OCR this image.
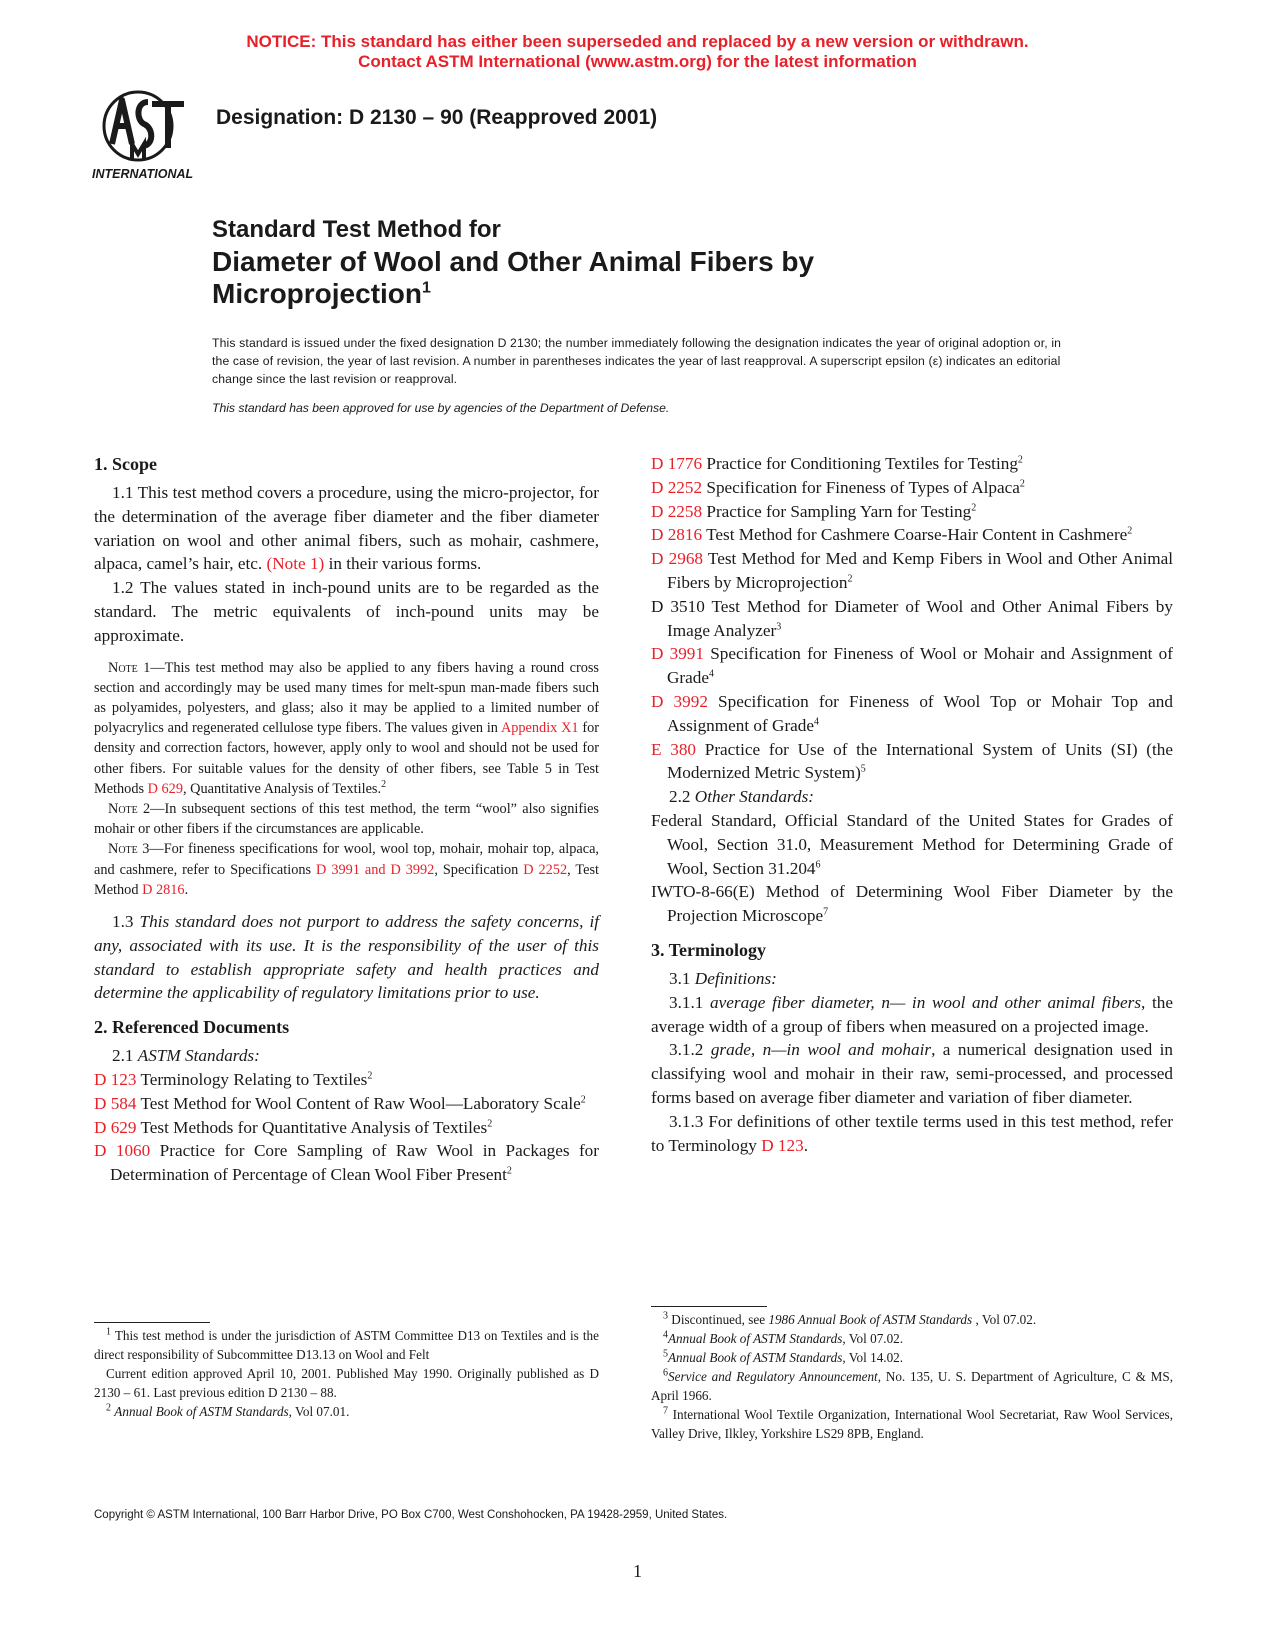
NOTICE: This standard has either been superseded and replaced by a new version or withdrawn.
Contact ASTM International (www.astm.org) for the latest information
INTERNATIONAL
Designation: D 2130 – 90 (Reapproved 2001)
Standard Test Method for
Diameter of Wool and Other Animal Fibers by
Microprojection$^1$
This standard is issued under the fixed designation D 2130; the number immediately following the designation indicates the year of original adoption or, in the case of revision, the year of last revision. A number in parentheses indicates the year of last reapproval. A superscript epsilon (ε) indicates an editorial change since the last revision or reapproval.
This standard has been approved for use by agencies of the Department of Defense.
1. Scope

1.1 This test method covers a procedure, using the micro-projector, for the determination of the average fiber diameter and the fiber diameter variation on wool and other animal fibers, such as mohair, cashmere, alpaca, camel’s hair, etc. (Note 1) in their various forms.

1.2 The values stated in inch-pound units are to be regarded as the standard. The metric equivalents of inch-pound units may be approximate.

Note 1—This test method may also be applied to any fibers having a round cross section and accordingly may be used many times for melt-spun man-made fibers such as polyamides, polyesters, and glass; also it may be applied to a limited number of polyacrylics and regenerated cellulose type fibers. The values given in Appendix X1 for density and correction factors, however, apply only to wool and should not be used for other fibers. For suitable values for the density of other fibers, see Table 5 in Test Methods D 629, Quantitative Analysis of Textiles.$^2$

Note 2—In subsequent sections of this test method, the term “wool” also signifies mohair or other fibers if the circumstances are applicable.

Note 3—For fineness specifications for wool, wool top, mohair, mohair top, alpaca, and cashmere, refer to Specifications D 3991 and D 3992, Specification D 2252, Test Method D 2816.

1.3 This standard does not purport to address the safety concerns, if any, associated with its use. It is the responsibility of the user of this standard to establish appropriate safety and health practices and determine the applicability of regulatory limitations prior to use.

2. Referenced Documents

2.1 ASTM Standards:

D 123 Terminology Relating to Textiles$^2$

D 584 Test Method for Wool Content of Raw Wool—Laboratory Scale$^2$

D 629 Test Methods for Quantitative Analysis of Textiles$^2$

D 1060 Practice for Core Sampling of Raw Wool in Packages for Determination of Percentage of Clean Wool Fiber Present$^2$

D 1776 Practice for Conditioning Textiles for Testing$^2$

D 2252 Specification for Fineness of Types of Alpaca$^2$

D 2258 Practice for Sampling Yarn for Testing$^2$

D 2816 Test Method for Cashmere Coarse-Hair Content in Cashmere$^2$

D 2968 Test Method for Med and Kemp Fibers in Wool and Other Animal Fibers by Microprojection$^2$

D 3510 Test Method for Diameter of Wool and Other Animal Fibers by Image Analyzer$^3$

D 3991 Specification for Fineness of Wool or Mohair and Assignment of Grade$^4$

D 3992 Specification for Fineness of Wool Top or Mohair Top and Assignment of Grade$^4$

E 380 Practice for Use of the International System of Units (SI) (the Modernized Metric System)$^5$

2.2 Other Standards:

Federal Standard, Official Standard of the United States for Grades of Wool, Section 31.0, Measurement Method for Determining Grade of Wool, Section 31.204$^6$

IWTO-8-66(E) Method of Determining Wool Fiber Diameter by the Projection Microscope$^7$

3. Terminology

3.1 Definitions:

3.1.1 average fiber diameter, n— in wool and other animal fibers, the average width of a group of fibers when measured on a projected image.

3.1.2 grade, n—in wool and mohair, a numerical designation used in classifying wool and mohair in their raw, semi-processed, and processed forms based on average fiber diameter and variation of fiber diameter.

3.1.3 For definitions of other textile terms used in this test method, refer to Terminology D 123.

$^1$ This test method is under the jurisdiction of ASTM Committee D13 on Textiles and is the direct responsibility of Subcommittee D13.13 on Wool and Felt

Current edition approved April 10, 2001. Published May 1990. Originally published as D 2130 – 61. Last previous edition D 2130 – 88.

$^2$ Annual Book of ASTM Standards, Vol 07.01.

$^3$ Discontinued, see 1986 Annual Book of ASTM Standards , Vol 07.02.

$^4$Annual Book of ASTM Standards, Vol 07.02.

$^5$Annual Book of ASTM Standards, Vol 14.02.

$^6$Service and Regulatory Announcement, No. 135, U. S. Department of Agriculture, C & MS, April 1966.

$^7$ International Wool Textile Organization, International Wool Secretariat, Raw Wool Services, Valley Drive, Ilkley, Yorkshire LS29 8PB, England.

Copyright © ASTM International, 100 Barr Harbor Drive, PO Box C700, West Conshohocken, PA 19428-2959, United States.
1
